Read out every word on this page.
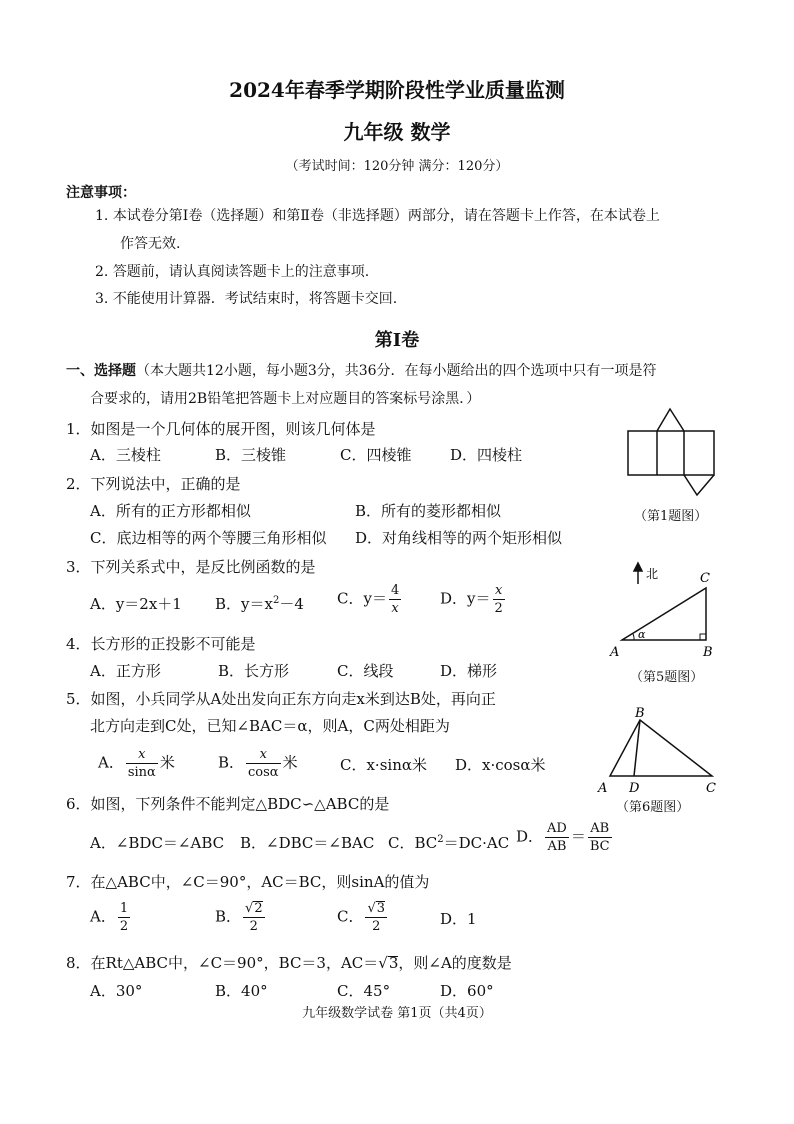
2024年春季学期阶段性学业质量监测
九年级 数学
（考试时间：120分钟 满分：120分）
注意事项：
1. 本试卷分第Ⅰ卷（选择题）和第Ⅱ卷（非选择题）两部分，请在答题卡上作答，在本试卷上
作答无效.
2. 答题前，请认真阅读答题卡上的注意事项.
3. 不能使用计算器．考试结束时，将答题卡交回.
第Ⅰ卷
一、选择题（本大题共12小题，每小题3分，共36分．在每小题给出的四个选项中只有一项是符
合要求的，请用2B铅笔把答题卡上对应题目的答案标号涂黑．）
1．如图是一个几何体的展开图，则该几何体是
A．三棱柱	B．三棱锥	C．四棱锥	D．四棱柱
2．下列说法中，正确的是
A．所有的正方形都相似	B．所有的菱形都相似
C．底边相等的两个等腰三角形相似 D．对角线相等的两个矩形相似
3．下列关系式中，是反比例函数的是
A．y＝2x＋1 B．$y=x^2-4$ C．$y= \frac{4}{x}$	D．$y= \frac{x}{2}$
4．长方形的正投影不可能是
A．正方形	B．长方形	C．线段	D．梯形
5．如图，小兵同学从A处出发向正东方向走x米到达B处，再向正
北方向走到C处，已知∠BAC＝α，则A，C两处相距为
A． $\frac{x}{\sin\alpha}$ 米	B． $\frac{x}{\cos\alpha}$ 米	C．x·sinα米 D．x·cosα米
6．如图，下列条件不能判定△BDC∽△ABC的是
A．∠BDC＝∠ABC B．∠DBC＝∠BAC C．$BC^2=DC\cdot AC$ D． $\frac{AD}{AB} = \frac{AB}{BC}$
7．在△ABC中，∠C＝90°，AC＝BC，则sinA的值为
A． $\frac{1}{2}$	B． $\frac{√2}{2}$	C． $\frac{√3}{2}$	D．1
8．在Rt△ABC中，∠C＝90°，BC＝3，AC＝√3，则∠A的度数是
A．30°	B．40°	C．45°	D．60°
九年级数学试卷 第1页（共4页）
（第1题图）
北	C
A	B
α
（第5题图）
B
A D	C
（第6题图）
